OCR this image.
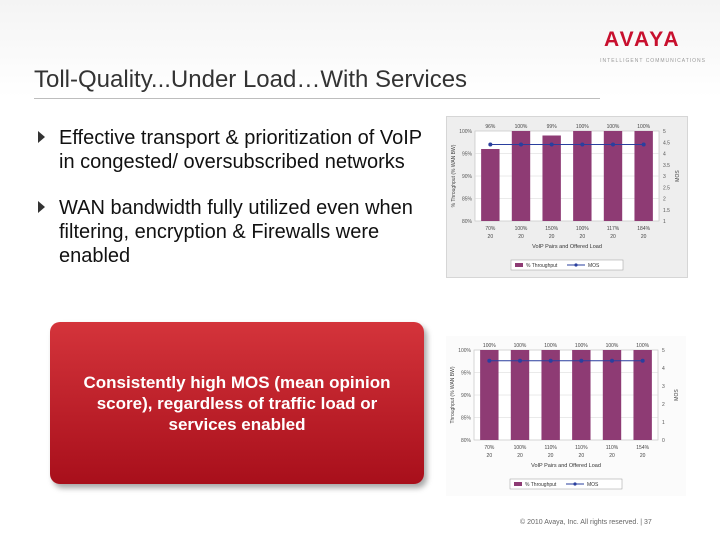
AVAYA
INTELLIGENT COMMUNICATIONS
Toll-Quality...Under Load…With Services
Effective transport & prioritization of VoIP in congested/ oversubscribed networks
WAN bandwidth fully utilized even when filtering, encryption & Firewalls were enabled
Consistently high MOS (mean opinion score), regardless of traffic load or services enabled
100%
95%
90%
85%
80%
5
4.5
4
3.5
3
2.5
2
1.5
1
% Throughput (% WAN BW)	MOS
96%
70%
20
100%
100%
20
99%
150%
20
100%
100%
20
100%
117%
20
100%
184%
20
VoIP Pairs and Offered Load
% Throughput	MOS
100%
95%
90%
85%
80%
5
4
3
2
1
0
Throughput (% WAN BW)	MOS
100%
70%
20
100%
100%
20
100%
110%
20
100%
110%
20
100%
110%
20
100%
154%
20
VoIP Pairs and Offered Load
% Throughput	MOS
© 2010 Avaya, Inc. All rights reserved. | 37
